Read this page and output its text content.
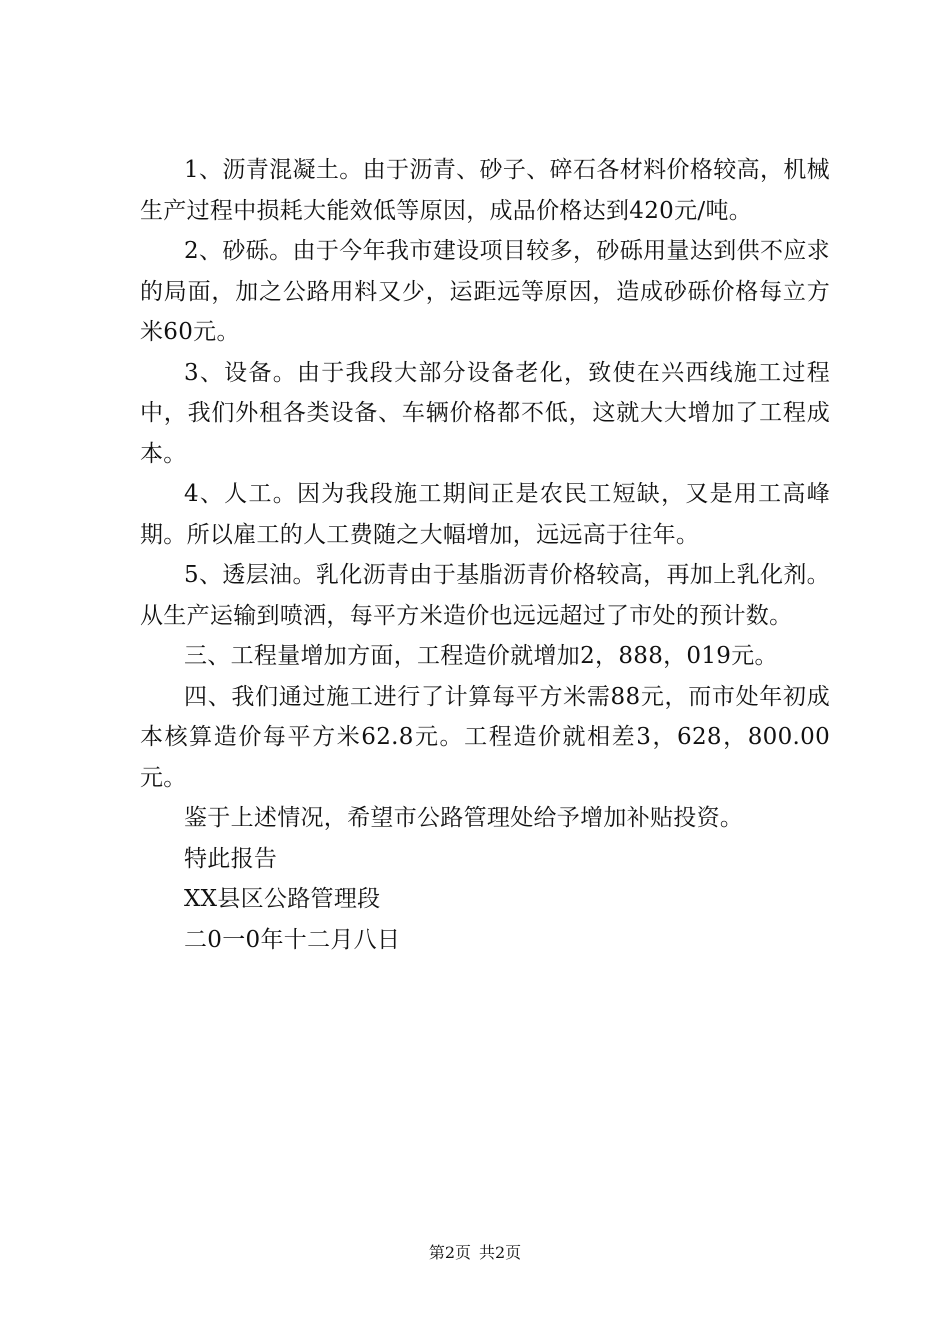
1、沥青混凝土。由于沥青、砂子、碎石各材料价格较高，机械生产过程中损耗大能效低等原因，成品价格达到420元/吨。

2、砂砾。由于今年我市建设项目较多，砂砾用量达到供不应求的局面，加之公路用料又少，运距远等原因，造成砂砾价格每立方米60元。

3、设备。由于我段大部分设备老化，致使在兴西线施工过程中，我们外租各类设备、车辆价格都不低，这就大大增加了工程成本。

4、人工。因为我段施工期间正是农民工短缺，又是用工高峰期。所以雇工的人工费随之大幅增加，远远高于往年。

5、透层油。乳化沥青由于基脂沥青价格较高，再加上乳化剂。从生产运输到喷洒，每平方米造价也远远超过了市处的预计数。

三、工程量增加方面，工程造价就增加2，888，019元。

四、我们通过施工进行了计算每平方米需88元，而市处年初成本核算造价每平方米62.8元。工程造价就相差3，628，800.00元。

鉴于上述情况，希望市公路管理处给予增加补贴投资。

特此报告

XX县区公路管理段

二0一0年十二月八日

第2页 共2页
